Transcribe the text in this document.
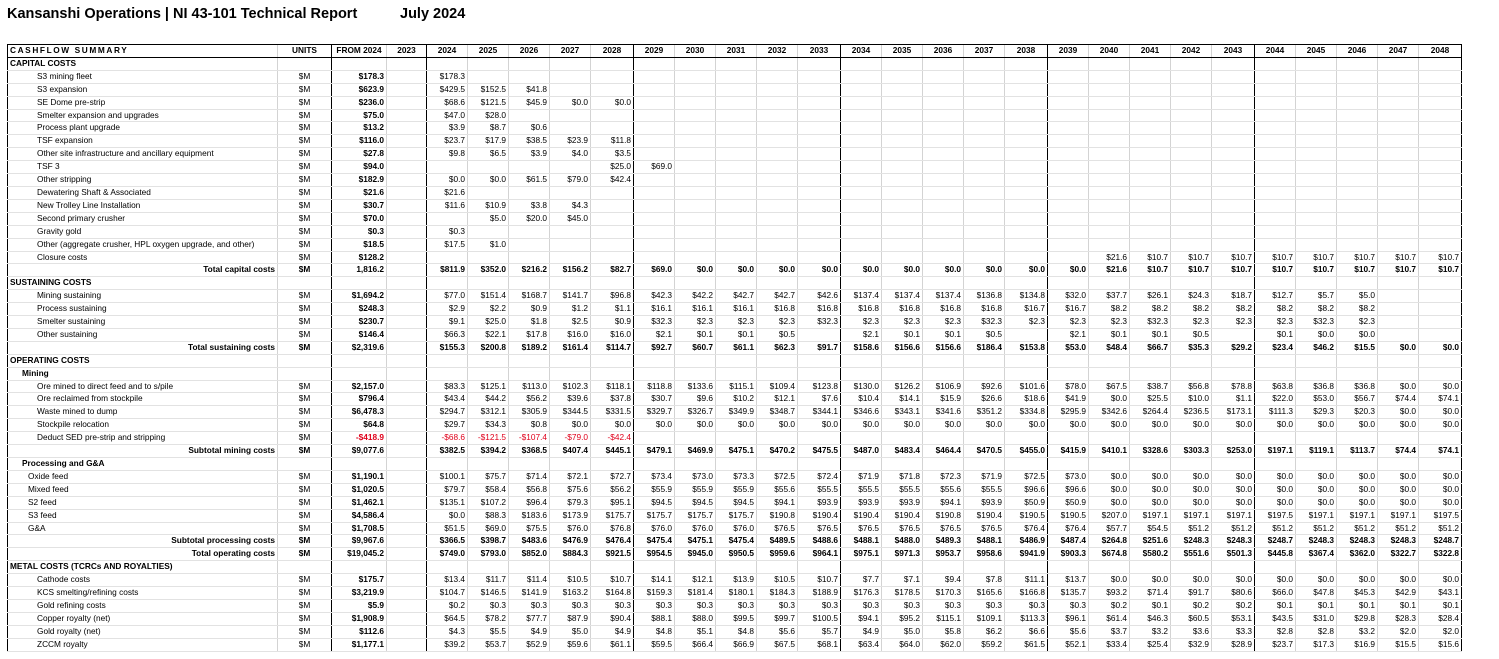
Kansanshi Operations | NI 43-101 Technical Report	July 2024
CASHFLOW SUMMARY	UNITS	FROM 2024	2023	2024	2025	2026	2027	2028	2029	2030	2031	2032	2033	2034	2035	2036	2037	2038	2039	2040	2041	2042	2043	2044	2045	2046	2047	2048
CAPITAL COSTS																												
S3 mining fleet	$M	$178.3		$178.3																								
S3 expansion	$M	$623.9		$429.5	$152.5	$41.8																						
SE Dome pre-strip	$M	$236.0		$68.6	$121.5	$45.9	$0.0	$0.0																				
Smelter expansion and upgrades	$M	$75.0		$47.0	$28.0																							
Process plant upgrade	$M	$13.2		$3.9	$8.7	$0.6																						
TSF expansion	$M	$116.0		$23.7	$17.9	$38.5	$23.9	$11.8																				
Other site infrastructure and ancillary equipment	$M	$27.8		$9.8	$6.5	$3.9	$4.0	$3.5																				
TSF 3	$M	$94.0						$25.0	$69.0																			
Other stripping	$M	$182.9		$0.0	$0.0	$61.5	$79.0	$42.4																				
Dewatering Shaft & Associated	$M	$21.6		$21.6																								
New Trolley Line Installation	$M	$30.7		$11.6	$10.9	$3.8	$4.3																					
Second primary crusher	$M	$70.0			$5.0	$20.0	$45.0																					
Gravity gold	$M	$0.3		$0.3																								
Other (aggregate crusher, HPL oxygen upgrade, and other)	$M	$18.5		$17.5	$1.0																							
Closure costs	$M	$128.2																		$21.6	$10.7	$10.7	$10.7	$10.7	$10.7	$10.7	$10.7	$10.7
Total capital costs	$M	1,816.2		$811.9	$352.0	$216.2	$156.2	$82.7	$69.0	$0.0	$0.0	$0.0	$0.0	$0.0	$0.0	$0.0	$0.0	$0.0	$0.0	$21.6	$10.7	$10.7	$10.7	$10.7	$10.7	$10.7	$10.7	$10.7
SUSTAINING COSTS																												
Mining sustaining	$M	$1,694.2		$77.0	$151.4	$168.7	$141.7	$96.8	$42.3	$42.2	$42.7	$42.7	$42.6	$137.4	$137.4	$137.4	$136.8	$134.8	$32.0	$37.7	$26.1	$24.3	$18.7	$12.7	$5.7	$5.0		
Process sustaining	$M	$248.3		$2.9	$2.2	$0.9	$1.2	$1.1	$16.1	$16.1	$16.1	$16.8	$16.8	$16.8	$16.8	$16.8	$16.8	$16.7	$16.7	$8.2	$8.2	$8.2	$8.2	$8.2	$8.2	$8.2		
Smelter sustaining	$M	$230.7		$9.1	$25.0	$1.8	$2.5	$0.9	$32.3	$2.3	$2.3	$2.3	$32.3	$2.3	$2.3	$2.3	$32.3	$2.3	$2.3	$2.3	$32.3	$2.3	$2.3	$2.3	$32.3	$2.3		
Other sustaining	$M	$146.4		$66.3	$22.1	$17.8	$16.0	$16.0	$2.1	$0.1	$0.1	$0.5		$2.1	$0.1	$0.1	$0.5		$2.1	$0.1	$0.1	$0.5		$0.1	$0.0	$0.0		
Total sustaining costs	$M	$2,319.6		$155.3	$200.8	$189.2	$161.4	$114.7	$92.7	$60.7	$61.1	$62.3	$91.7	$158.6	$156.6	$156.6	$186.4	$153.8	$53.0	$48.4	$66.7	$35.3	$29.2	$23.4	$46.2	$15.5	$0.0	$0.0
OPERATING COSTS																												
Mining																												
Ore mined to direct feed and to s/pile	$M	$2,157.0		$83.3	$125.1	$113.0	$102.3	$118.1	$118.8	$133.6	$115.1	$109.4	$123.8	$130.0	$126.2	$106.9	$92.6	$101.6	$78.0	$67.5	$38.7	$56.8	$78.8	$63.8	$36.8	$36.8	$0.0	$0.0
Ore reclaimed from stockpile	$M	$796.4		$43.4	$44.2	$56.2	$39.6	$37.8	$30.7	$9.6	$10.2	$12.1	$7.6	$10.4	$14.1	$15.9	$26.6	$18.6	$41.9	$0.0	$25.5	$10.0	$1.1	$22.0	$53.0	$56.7	$74.4	$74.1
Waste mined to dump	$M	$6,478.3		$294.7	$312.1	$305.9	$344.5	$331.5	$329.7	$326.7	$349.9	$348.7	$344.1	$346.6	$343.1	$341.6	$351.2	$334.8	$295.9	$342.6	$264.4	$236.5	$173.1	$111.3	$29.3	$20.3	$0.0	$0.0
Stockpile relocation	$M	$64.8		$29.7	$34.3	$0.8	$0.0	$0.0	$0.0	$0.0	$0.0	$0.0	$0.0	$0.0	$0.0	$0.0	$0.0	$0.0	$0.0	$0.0	$0.0	$0.0	$0.0	$0.0	$0.0	$0.0	$0.0	$0.0
Deduct SED pre-strip and stripping	$M	-$418.9		-$68.6	-$121.5	-$107.4	-$79.0	-$42.4																				
Subtotal mining costs	$M	$9,077.6		$382.5	$394.2	$368.5	$407.4	$445.1	$479.1	$469.9	$475.1	$470.2	$475.5	$487.0	$483.4	$464.4	$470.5	$455.0	$415.9	$410.1	$328.6	$303.3	$253.0	$197.1	$119.1	$113.7	$74.4	$74.1
Processing and G&A																												
Oxide feed	$M	$1,190.1		$100.1	$75.7	$71.4	$72.1	$72.7	$73.4	$73.0	$73.3	$72.5	$72.4	$71.9	$71.8	$72.3	$71.9	$72.5	$73.0	$0.0	$0.0	$0.0	$0.0	$0.0	$0.0	$0.0	$0.0	$0.0
Mixed feed	$M	$1,020.5		$79.7	$58.4	$56.8	$75.6	$56.2	$55.9	$55.9	$55.9	$55.6	$55.5	$55.5	$55.5	$55.6	$55.5	$96.6	$96.6	$0.0	$0.0	$0.0	$0.0	$0.0	$0.0	$0.0	$0.0	$0.0
S2 feed	$M	$1,462.1		$135.1	$107.2	$96.4	$79.3	$95.1	$94.5	$94.5	$94.5	$94.1	$93.9	$93.9	$93.9	$94.1	$93.9	$50.9	$50.9	$0.0	$0.0	$0.0	$0.0	$0.0	$0.0	$0.0	$0.0	$0.0
S3 feed	$M	$4,586.4		$0.0	$88.3	$183.6	$173.9	$175.7	$175.7	$175.7	$175.7	$190.8	$190.4	$190.4	$190.4	$190.8	$190.4	$190.5	$190.5	$207.0	$197.1	$197.1	$197.1	$197.5	$197.1	$197.1	$197.1	$197.5
G&A	$M	$1,708.5		$51.5	$69.0	$75.5	$76.0	$76.8	$76.0	$76.0	$76.0	$76.5	$76.5	$76.5	$76.5	$76.5	$76.5	$76.4	$76.4	$57.7	$54.5	$51.2	$51.2	$51.2	$51.2	$51.2	$51.2	$51.2
Subtotal processing costs	$M	$9,967.6		$366.5	$398.7	$483.6	$476.9	$476.4	$475.4	$475.1	$475.4	$489.5	$488.6	$488.1	$488.0	$489.3	$488.1	$486.9	$487.4	$264.8	$251.6	$248.3	$248.3	$248.7	$248.3	$248.3	$248.3	$248.7
Total operating costs	$M	$19,045.2		$749.0	$793.0	$852.0	$884.3	$921.5	$954.5	$945.0	$950.5	$959.6	$964.1	$975.1	$971.3	$953.7	$958.6	$941.9	$903.3	$674.8	$580.2	$551.6	$501.3	$445.8	$367.4	$362.0	$322.7	$322.8
METAL COSTS (TCRCs AND ROYALTIES)																												
Cathode costs	$M	$175.7		$13.4	$11.7	$11.4	$10.5	$10.7	$14.1	$12.1	$13.9	$10.5	$10.7	$7.7	$7.1	$9.4	$7.8	$11.1	$13.7	$0.0	$0.0	$0.0	$0.0	$0.0	$0.0	$0.0	$0.0	$0.0
KCS smelting/refining costs	$M	$3,219.9		$104.7	$146.5	$141.9	$163.2	$164.8	$159.3	$181.4	$180.1	$184.3	$188.9	$176.3	$178.5	$170.3	$165.6	$166.8	$135.7	$93.2	$71.4	$91.7	$80.6	$66.0	$47.8	$45.3	$42.9	$43.1
Gold refining costs	$M	$5.9		$0.2	$0.3	$0.3	$0.3	$0.3	$0.3	$0.3	$0.3	$0.3	$0.3	$0.3	$0.3	$0.3	$0.3	$0.3	$0.3	$0.2	$0.1	$0.2	$0.2	$0.1	$0.1	$0.1	$0.1	$0.1
Copper royalty (net)	$M	$1,908.9		$64.5	$78.2	$77.7	$87.9	$90.4	$88.1	$88.0	$99.5	$99.7	$100.5	$94.1	$95.2	$115.1	$109.1	$113.3	$96.1	$61.4	$46.3	$60.5	$53.1	$43.5	$31.0	$29.8	$28.3	$28.4
Gold royalty (net)	$M	$112.6		$4.3	$5.5	$4.9	$5.0	$4.9	$4.8	$5.1	$4.8	$5.6	$5.7	$4.9	$5.0	$5.8	$6.2	$6.6	$5.6	$3.7	$3.2	$3.6	$3.3	$2.8	$2.8	$3.2	$2.0	$2.0
ZCCM royalty	$M	$1,177.1		$39.2	$53.7	$52.9	$59.6	$61.1	$59.5	$66.4	$66.9	$67.5	$68.1	$63.4	$64.0	$62.0	$59.2	$61.5	$52.1	$33.4	$25.4	$32.9	$28.9	$23.7	$17.3	$16.9	$15.5	$15.6
